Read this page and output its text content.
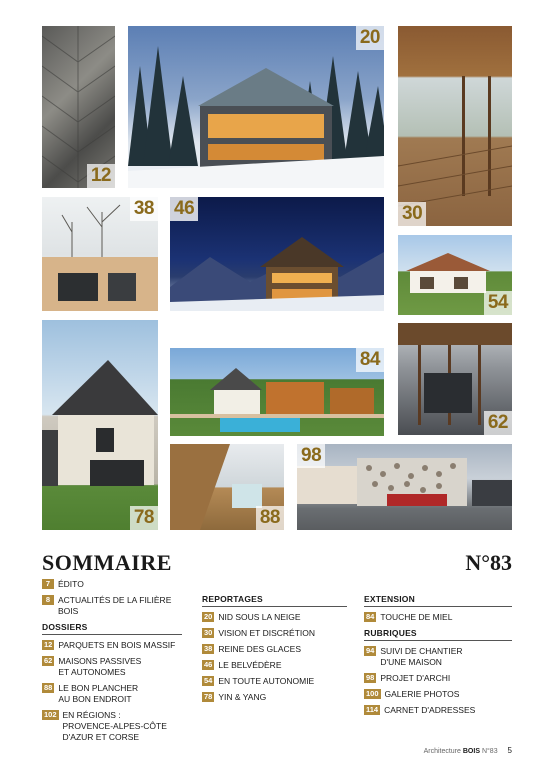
12
20
30
38 46
54
78
84
62
88
98
SOMMAIRE	N°83
7 ÉDITO
8 ACTUALITÉS DE LA FILIÈRE BOIS
DOSSIERS
12 PARQUETS EN BOIS MASSIF
62 MAISONS PASSIVES
ET AUTONOMES
88 LE BON PLANCHER
AU BON ENDROIT
102 EN RÉGIONS :
PROVENCE-ALPES-CÔTE
D'AZUR ET CORSE
REPORTAGES
20 NID SOUS LA NEIGE
30 VISION ET DISCRÉTION
38 REINE DES GLACES
46 LE BELVÉDÈRE
54 EN TOUTE AUTONOMIE
78 YIN & YANG
EXTENSION
84 TOUCHE DE MIEL
RUBRIQUES
94 SUIVI DE CHANTIER
D'UNE MAISON
98 PROJET D'ARCHI
100 GALERIE PHOTOS
114 CARNET D'ADRESSES
Architecture BOIS N°83 5
